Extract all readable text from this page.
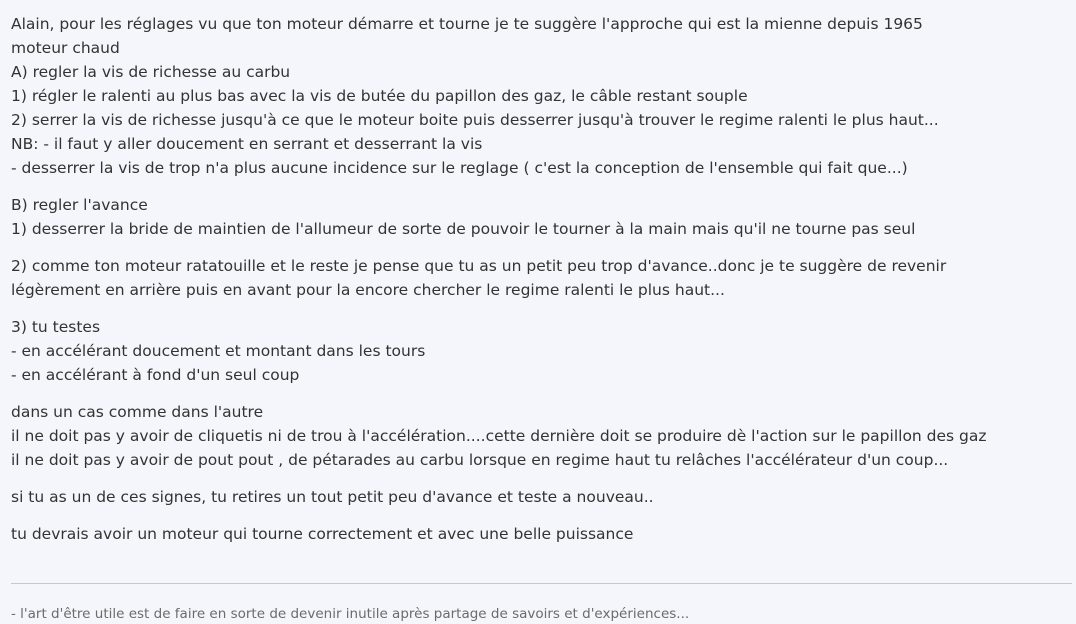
Alain, pour les réglages vu que ton moteur démarre et tourne je te suggère l'approche qui est la mienne depuis 1965
moteur chaud
A) regler la vis de richesse au carbu
1) régler le ralenti au plus bas avec la vis de butée du papillon des gaz, le câble restant souple
2) serrer la vis de richesse jusqu'à ce que le moteur boite puis desserrer jusqu'à trouver le regime ralenti le plus haut...
NB: - il faut y aller doucement en serrant et desserrant la vis
- desserrer la vis de trop n'a plus aucune incidence sur le reglage ( c'est la conception de l'ensemble qui fait que...)
B) regler l'avance
1) desserrer la bride de maintien de l'allumeur de sorte de pouvoir le tourner à la main mais qu'il ne tourne pas seul
2) comme ton moteur ratatouille et le reste je pense que tu as un petit peu trop d'avance..donc je te suggère de revenir
légèrement en arrière puis en avant pour la encore chercher le regime ralenti le plus haut...
3) tu testes
- en accélérant doucement et montant dans les tours
- en accélérant à fond d'un seul coup
dans un cas comme dans l'autre
il ne doit pas y avoir de cliquetis ni de trou à l'accélération....cette dernière doit se produire dè l'action sur le papillon des gaz
il ne doit pas y avoir de pout pout , de pétarades au carbu lorsque en regime haut tu relâches l'accélérateur d'un coup...
si tu as un de ces signes, tu retires un tout petit peu d'avance et teste a nouveau..
tu devrais avoir un moteur qui tourne correctement et avec une belle puissance
- l'art d'être utile est de faire en sorte de devenir inutile après partage de savoirs et d'expériences...
